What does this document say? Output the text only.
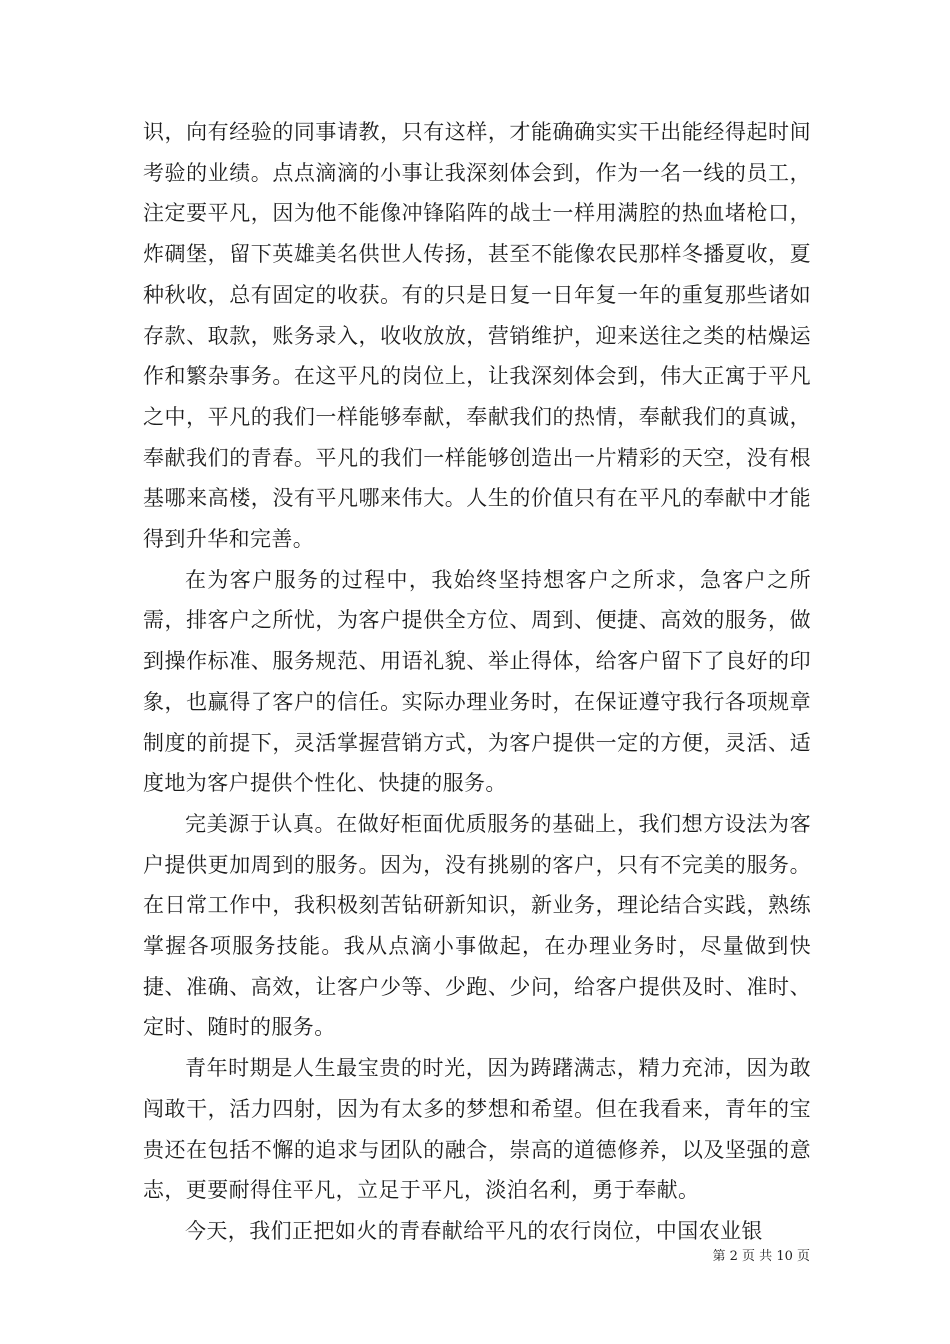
识，向有经验的同事请教，只有这样，才能确确实实干出能经得起时间考验的业绩。点点滴滴的小事让我深刻体会到，作为一名一线的员工，注定要平凡，因为他不能像冲锋陷阵的战士一样用满腔的热血堵枪口，炸碉堡，留下英雄美名供世人传扬，甚至不能像农民那样冬播夏收，夏种秋收，总有固定的收获。有的只是日复一日年复一年的重复那些诸如存款、取款，账务录入，收收放放，营销维护，迎来送往之类的枯燥运作和繁杂事务。在这平凡的岗位上，让我深刻体会到，伟大正寓于平凡之中，平凡的我们一样能够奉献，奉献我们的热情，奉献我们的真诚，奉献我们的青春。平凡的我们一样能够创造出一片精彩的天空，没有根基哪来高楼，没有平凡哪来伟大。人生的价值只有在平凡的奉献中才能得到升华和完善。

在为客户服务的过程中，我始终坚持想客户之所求，急客户之所需，排客户之所忧，为客户提供全方位、周到、便捷、高效的服务，做到操作标准、服务规范、用语礼貌、举止得体，给客户留下了良好的印象，也赢得了客户的信任。实际办理业务时，在保证遵守我行各项规章制度的前提下，灵活掌握营销方式，为客户提供一定的方便，灵活、适度地为客户提供个性化、快捷的服务。

完美源于认真。在做好柜面优质服务的基础上，我们想方设法为客户提供更加周到的服务。因为，没有挑剔的客户，只有不完美的服务。在日常工作中，我积极刻苦钻研新知识，新业务，理论结合实践，熟练掌握各项服务技能。我从点滴小事做起，在办理业务时，尽量做到快捷、准确、高效，让客户少等、少跑、少问，给客户提供及时、准时、定时、随时的服务。

青年时期是人生最宝贵的时光，因为踌躇满志，精力充沛，因为敢闯敢干，活力四射，因为有太多的梦想和希望。但在我看来，青年的宝贵还在包括不懈的追求与团队的融合，崇高的道德修养，以及坚强的意志，更要耐得住平凡，立足于平凡，淡泊名利，勇于奉献。

今天，我们正把如火的青春献给平凡的农行岗位，中国农业银

第 2 页 共 10 页
